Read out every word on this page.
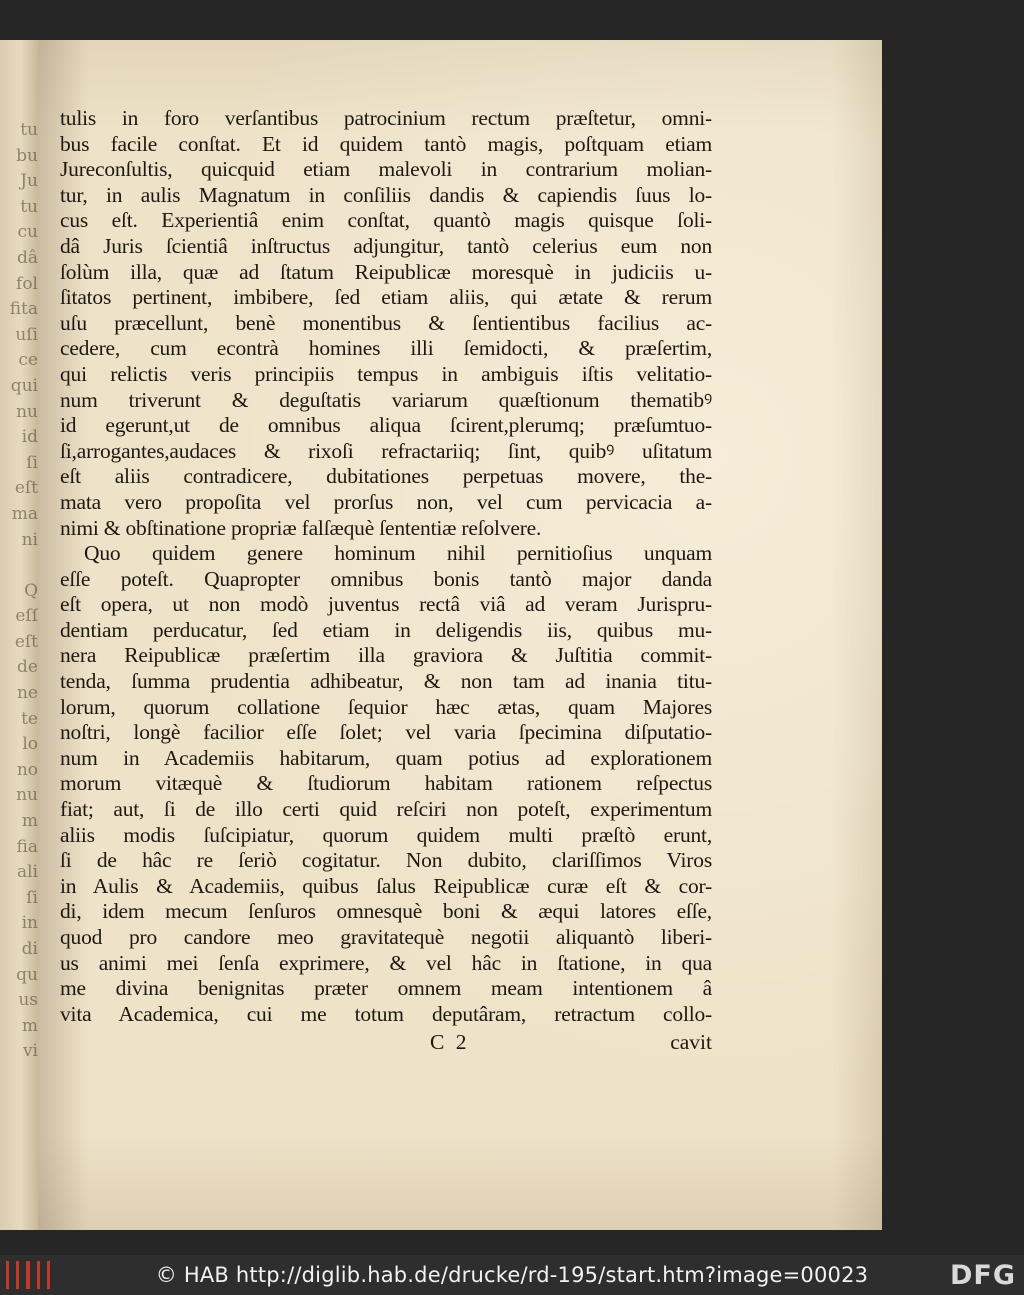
tu
bu
Ju
tu
cu
dâ
fol
fita
uſi
ce
qui
nu
id
ſi
eſt
ma
ni
Q
eſſ
eſt
de
ne
te
lo
no
nu
m
fia
ali
ſi
in
di
qu
us
m
vi
tulis in foro verſantibus patrocinium rectum præſtetur, omni-
bus facile conſtat. Et id quidem tantò magis, poſtquam etiam
Jureconſultis, quicquid etiam malevoli in contrarium molian-
tur, in aulis Magnatum in conſiliis dandis & capiendis ſuus lo-
cus eſt. Experientiâ enim conſtat, quantò magis quisque ſoli-
dâ Juris ſcientiâ inſtructus adjungitur, tantò celerius eum non
ſolùm illa, quæ ad ſtatum Reipublicæ moresquè in judiciis u-
ſitatos pertinent, imbibere, ſed etiam aliis, qui ætate & rerum
uſu præcellunt, benè monentibus & ſentientibus facilius ac-
cedere, cum econtrà homines illi ſemidocti, & præſertim,
qui relictis veris principiis tempus in ambiguis iſtis velitatio-
num triverunt & deguſtatis variarum quæſtionum thematibꝰ
id egerunt,ut de omnibus aliqua ſcirent,plerumq; præſumtuo-
ſi,arrogantes,audaces & rixoſi refractariiq; ſint, quibꝰ uſitatum
eſt aliis contradicere, dubitationes perpetuas movere, the-
mata vero propoſita vel prorſus non, vel cum pervicacia a-
nimi & obſtinatione propriæ falſæquè ſententiæ reſolvere.
Quo quidem genere hominum nihil pernitioſius unquam
eſſe poteſt. Quapropter omnibus bonis tantò major danda
eſt opera, ut non modò juventus rectâ viâ ad veram Jurispru-
dentiam perducatur, ſed etiam in deligendis iis, quibus mu-
nera Reipublicæ præſertim illa graviora & Juſtitia commit-
tenda, ſumma prudentia adhibeatur, & non tam ad inania titu-
lorum, quorum collatione ſequior hæc ætas, quam Majores
noſtri, longè facilior eſſe ſolet; vel varia ſpecimina diſputatio-
num in Academiis habitarum, quam potius ad explorationem
morum vitæquè & ſtudiorum habitam rationem reſpectus
fiat; aut, ſi de illo certi quid reſciri non poteſt, experimentum
aliis modis ſuſcipiatur, quorum quidem multi præſtò erunt,
ſi de hâc re ſeriò cogitatur. Non dubito, clariſſimos Viros
in Aulis & Academiis, quibus ſalus Reipublicæ curæ eſt & cor-
di, idem mecum ſenſuros omnesquè boni & æqui latores eſſe,
quod pro candore meo gravitatequè negotii aliquantò liberi-
us animi mei ſenſa exprimere, & vel hâc in ſtatione, in qua
me divina benignitas præter omnem meam intentionem â
vita Academica, cui me totum deputâram, retractum collo-
C 2	cavit
© HAB http://diglib.hab.de/drucke/rd-195/start.htm?image=00023	DFG
